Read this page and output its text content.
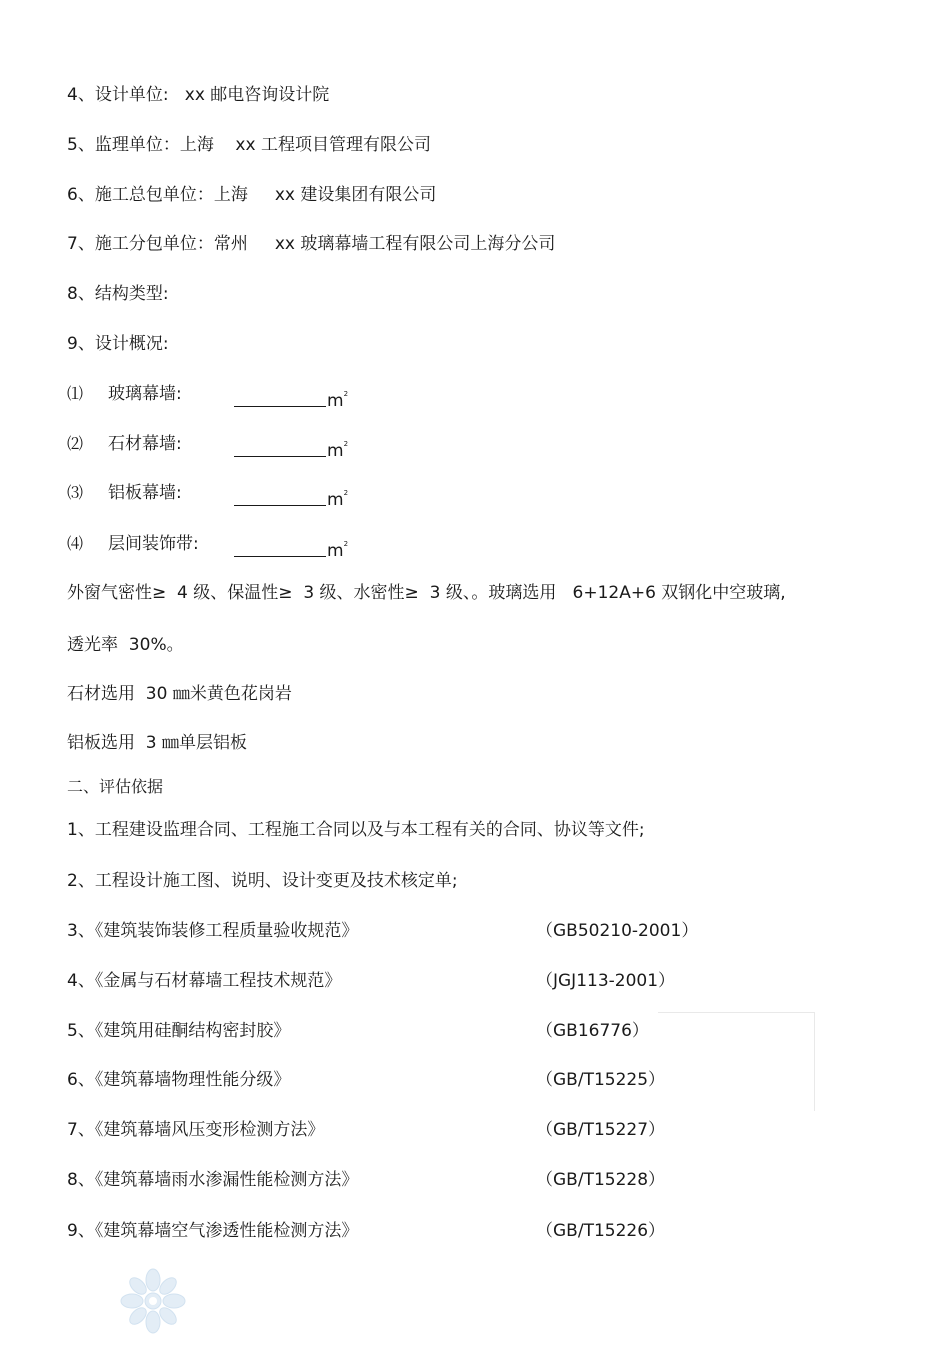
4、设计单位:   xx 邮电咨询设计院
5、监理单位：上海    xx 工程项目管理有限公司
6、施工总包单位：上海     xx 建设集团有限公司
7、施工分包单位：常州     xx 玻璃幕墙工程有限公司上海分公司
8、结构类型:
9、设计概况:
⑴ 玻璃幕墙:	$m^2$
⑵ 石材幕墙:	$m^2$
⑶ 铝板幕墙:	$m^2$
⑷ 层间装饰带:	$m^2$
外窗气密性≥  4 级、保温性≥  3 级、水密性≥  3 级、。玻璃选用   6+12A+6 双钢化中空玻璃,
透光率  30%。
石材选用  30 ㎜米黄色花岗岩
铝板选用  3 ㎜单层铝板
二、评估依据
1、工程建设监理合同、工程施工合同以及与本工程有关的合同、协议等文件;
2、工程设计施工图、说明、设计变更及技术核定单;
3、《建筑装饰装修工程质量验收规范》	（GB50210-2001）
4、《金属与石材幕墙工程技术规范》	（JGJ113-2001）
5、《建筑用硅酮结构密封胶》	（GB16776）
6、《建筑幕墙物理性能分级》	（GB/T15225）
7、《建筑幕墙风压变形检测方法》	（GB/T15227）
8、《建筑幕墙雨水渗漏性能检测方法》	（GB/T15228）
9、《建筑幕墙空气渗透性能检测方法》	（GB/T15226）
